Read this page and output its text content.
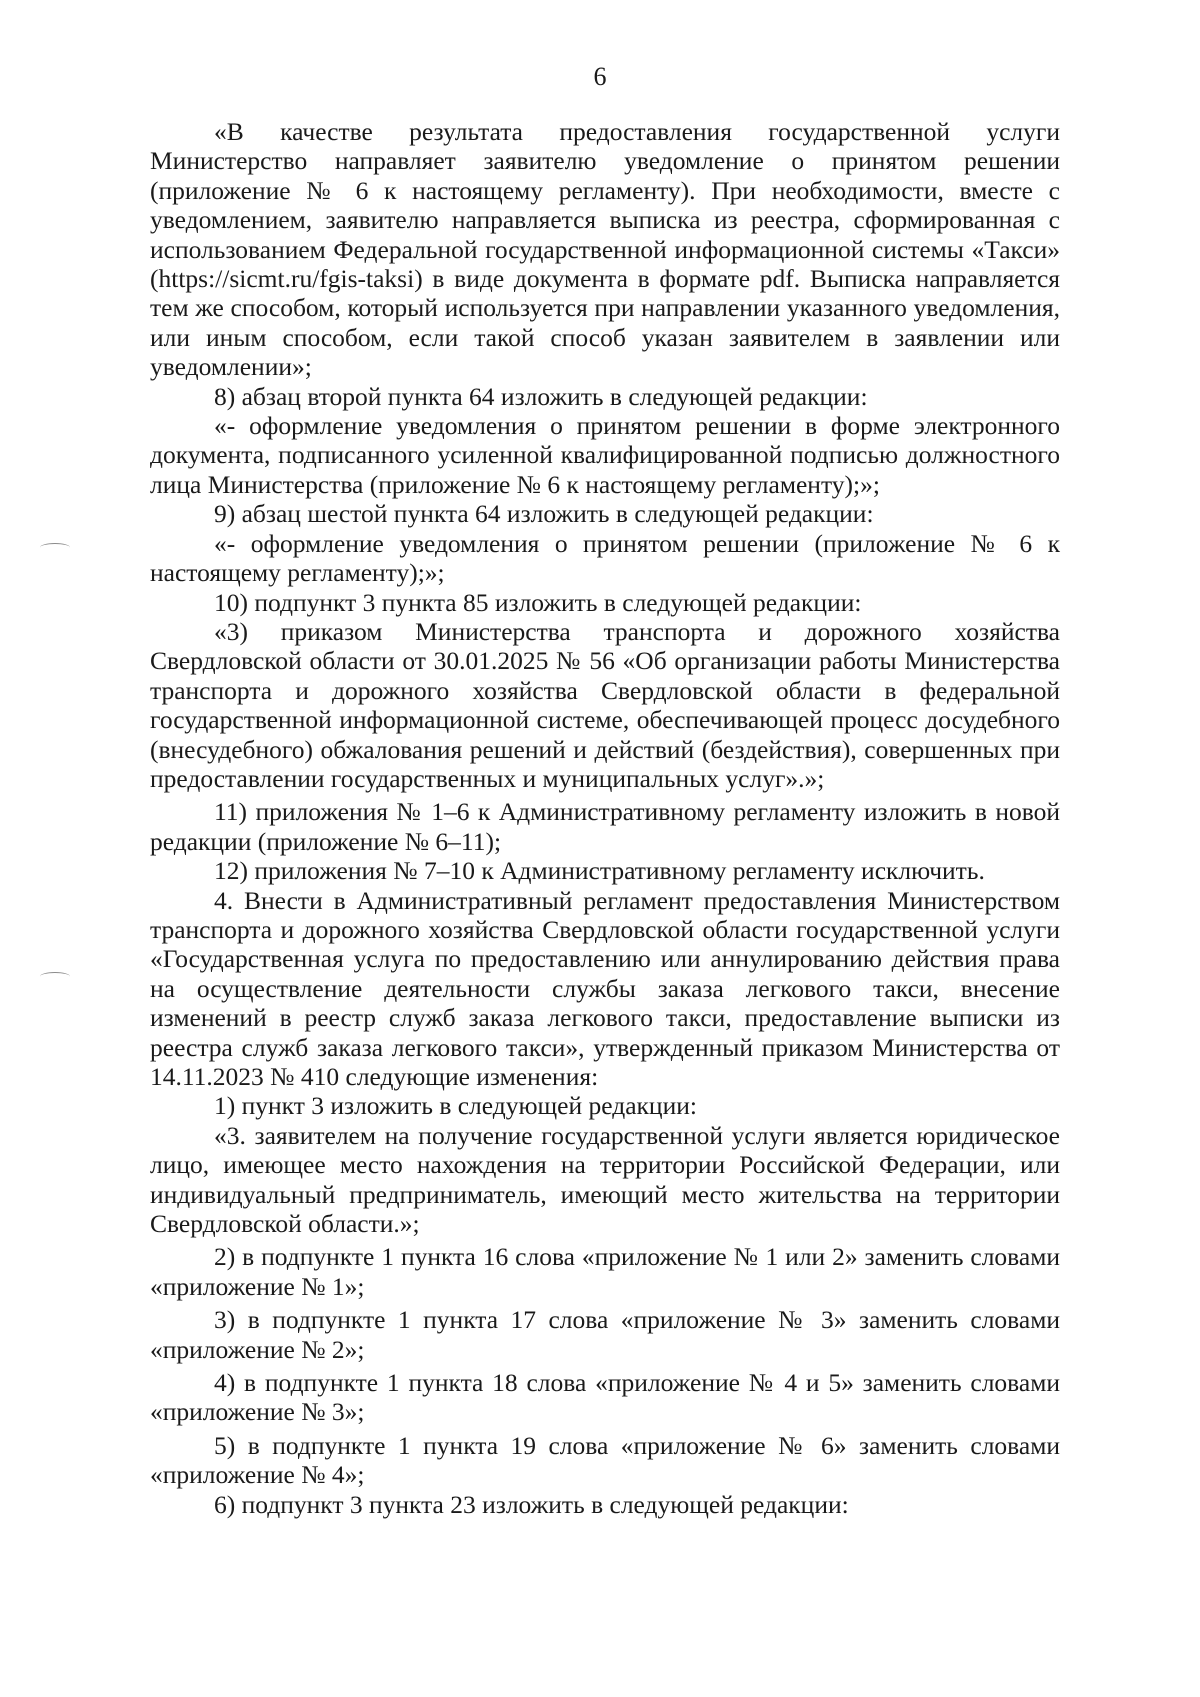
6

«В качестве результата предоставления государственной услуги Министерство направляет заявителю уведомление о принятом решении (приложение № 6 к настоящему регламенту). При необходимости, вместе с уведомлением, заявителю направляется выписка из реестра, сформированная с использованием Федеральной государственной информационной системы «Такси» (https://sicmt.ru/fgis-taksi) в виде документа в формате pdf. Выписка направляется тем же способом, который используется при направлении указанного уведомления, или иным способом, если такой способ указан заявителем в заявлении или уведомлении»;

8) абзац второй пункта 64 изложить в следующей редакции:

«- оформление уведомления о принятом решении в форме электронного документа, подписанного усиленной квалифицированной подписью должностного лица Министерства (приложение № 6 к настоящему регламенту);»;

9) абзац шестой пункта 64 изложить в следующей редакции:

«- оформление уведомления о принятом решении (приложение № 6 к настоящему регламенту);»;

10) подпункт 3 пункта 85 изложить в следующей редакции:

«3) приказом Министерства транспорта и дорожного хозяйства Свердловской области от 30.01.2025 № 56 «Об организации работы Министерства транспорта и дорожного хозяйства Свердловской области в федеральной государственной информационной системе, обеспечивающей процесс досудебного (внесудебного) обжалования решений и действий (бездействия), совершенных при предоставлении государственных и муниципальных услуг».»;

11) приложения № 1–6 к Административному регламенту изложить в новой редакции (приложение № 6–11);

12) приложения № 7–10 к Административному регламенту исключить.

4. Внести в Административный регламент предоставления Министерством транспорта и дорожного хозяйства Свердловской области государственной услуги «Государственная услуга по предоставлению или аннулированию действия права на осуществление деятельности службы заказа легкового такси, внесение изменений в реестр служб заказа легкового такси, предоставление выписки из реестра служб заказа легкового такси», утвержденный приказом Министерства от 14.11.2023 № 410 следующие изменения:

1) пункт 3 изложить в следующей редакции:

«3. заявителем на получение государственной услуги является юридическое лицо, имеющее место нахождения на территории Российской Федерации, или индивидуальный предприниматель, имеющий место жительства на территории Свердловской области.»;

2) в подпункте 1 пункта 16 слова «приложение № 1 или 2» заменить словами «приложение № 1»;

3) в подпункте 1 пункта 17 слова «приложение № 3» заменить словами «приложение № 2»;

4) в подпункте 1 пункта 18 слова «приложение № 4 и 5» заменить словами «приложение № 3»;

5) в подпункте 1 пункта 19 слова «приложение № 6» заменить словами «приложение № 4»;

6) подпункт 3 пункта 23 изложить в следующей редакции:
